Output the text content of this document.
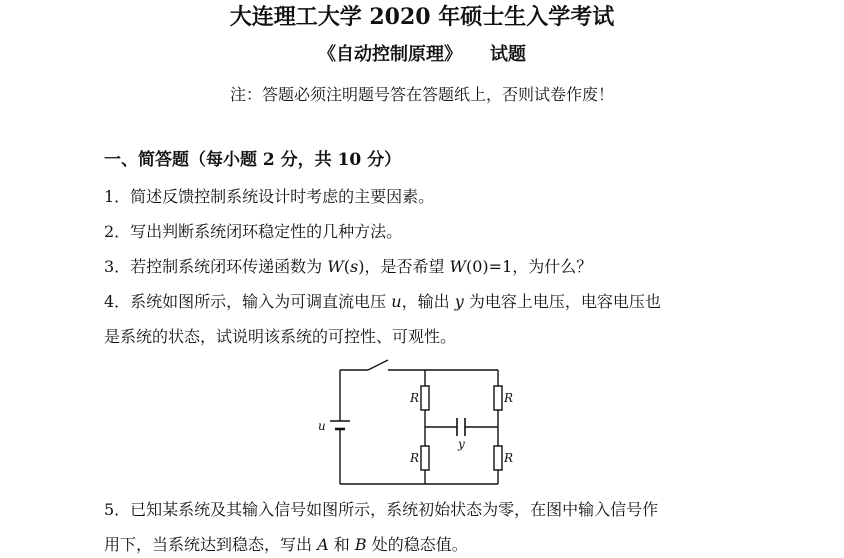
大连理工大学 2020 年硕士生入学考试
《自动控制原理》 试题
注：答题必须注明题号答在答题纸上，否则试卷作废！
一、简答题（每小题 2 分，共 10 分）
1．简述反馈控制系统设计时考虑的主要因素。
2．写出判断系统闭环稳定性的几种方法。
3．若控制系统闭环传递函数为 W(s)，是否希望 W(0)=1，为什么？
4．系统如图所示，输入为可调直流电压 u，输出 y 为电容上电压，电容电压也
是系统的状态，试说明该系统的可控性、可观性。
u
R	R
R	R
y
5．已知某系统及其输入信号如图所示，系统初始状态为零，在图中输入信号作
用下，当系统达到稳态，写出 A 和 B 处的稳态值。
